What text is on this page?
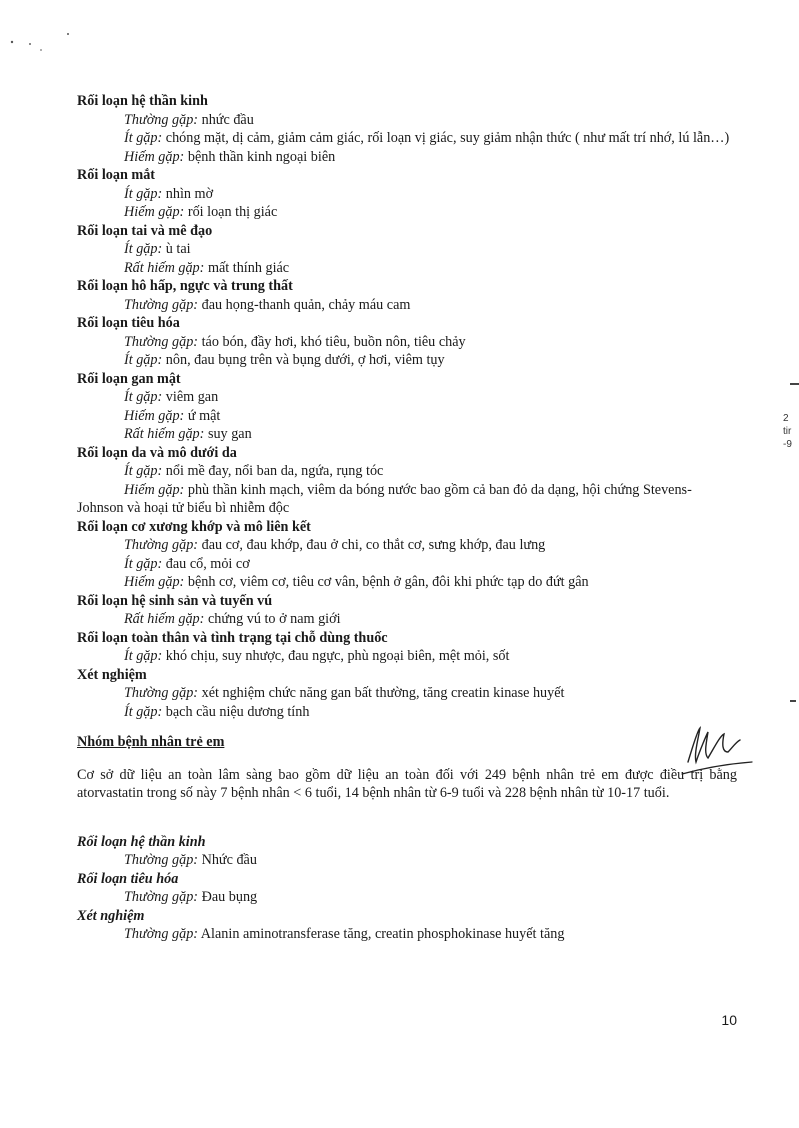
Rối loạn hệ thần kinh

Thường gặp: nhức đầu

Ít gặp: chóng mặt, dị cảm, giảm cảm giác, rối loạn vị giác, suy giảm nhận thức ( như mất trí nhớ, lú lẫn…)

Hiếm gặp: bệnh thần kinh ngoại biên

Rối loạn mắt

Ít gặp: nhìn mờ

Hiếm gặp: rối loạn thị giác

Rối loạn tai và mê đạo

Ít gặp: ù tai

Rất hiếm gặp: mất thính giác

Rối loạn hô hấp, ngực và trung thất

Thường gặp: đau họng-thanh quản, chảy máu cam

Rối loạn tiêu hóa

Thường gặp: táo bón, đầy hơi, khó tiêu, buồn nôn, tiêu chảy

Ít gặp: nôn, đau bụng trên và bụng dưới, ợ hơi, viêm tụy

Rối loạn gan mật

Ít gặp: viêm gan

Hiếm gặp: ứ mật

Rất hiếm gặp: suy gan

Rối loạn da và mô dưới da

Ít gặp: nổi mề đay, nổi ban da, ngứa, rụng tóc

Hiếm gặp: phù thần kinh mạch, viêm da bóng nước bao gồm cả ban đỏ da dạng, hội chứng Stevens-Johnson và hoại tử biểu bì nhiễm độc

Rối loạn cơ xương khớp và mô liên kết

Thường gặp: đau cơ, đau khớp, đau ở chi, co thắt cơ, sưng khớp, đau lưng

Ít gặp: đau cổ, mỏi cơ

Hiếm gặp: bệnh cơ, viêm cơ, tiêu cơ vân, bệnh ở gân, đôi khi phức tạp do đứt gân

Rối loạn hệ sinh sản và tuyến vú

Rất hiếm gặp: chứng vú to ở nam giới

Rối loạn toàn thân và tình trạng tại chỗ dùng thuốc

Ít gặp: khó chịu, suy nhược, đau ngực, phù ngoại biên, mệt mỏi, sốt

Xét nghiệm

Thường gặp: xét nghiệm chức năng gan bất thường, tăng creatin kinase huyết

Ít gặp: bạch cầu niệu dương tính

Nhóm bệnh nhân trẻ em

Cơ sở dữ liệu an toàn lâm sàng bao gồm dữ liệu an toàn đối với 249 bệnh nhân trẻ em được điều trị bằng atorvastatin trong số này 7 bệnh nhân < 6 tuổi, 14 bệnh nhân từ 6-9 tuổi và 228 bệnh nhân từ 10-17 tuổi.

Rối loạn hệ thần kinh

Thường gặp: Nhức đầu

Rối loạn tiêu hóa

Thường gặp: Đau bụng

Xét nghiệm

Thường gặp: Alanin aminotransferase tăng, creatin phosphokinase huyết tăng

2
tir
-9
10
